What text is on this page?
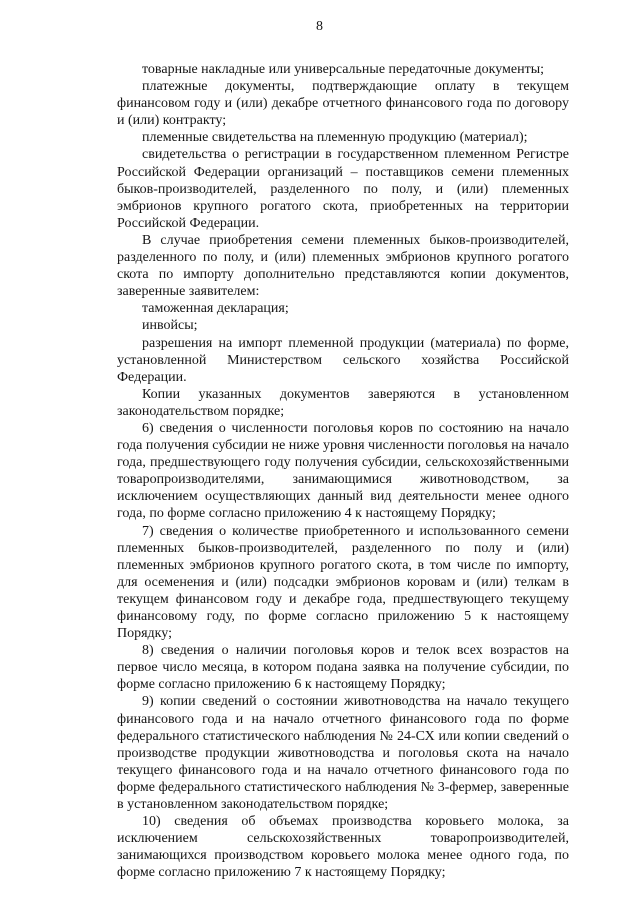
8

товарные накладные или универсальные передаточные документы;

платежные документы, подтверждающие оплату в текущем финансовом году и (или) декабре отчетного финансового года по договору и (или) контракту;

племенные свидетельства на племенную продукцию (материал);

свидетельства о регистрации в государственном племенном Регистре Российской Федерации организаций – поставщиков семени племенных быков-производителей, разделенного по полу, и (или) племенных эмбрионов крупного рогатого скота, приобретенных на территории Российской Федерации.

В случае приобретения семени племенных быков-производителей, разделенного по полу, и (или) племенных эмбрионов крупного рогатого скота по импорту дополнительно представляются копии документов, заверенные заявителем:

таможенная декларация;

инвойсы;

разрешения на импорт племенной продукции (материала) по форме, установленной Министерством сельского хозяйства Российской Федерации.

Копии указанных документов заверяются в установленном законодательством порядке;

6) сведения о численности поголовья коров по состоянию на начало года получения субсидии не ниже уровня численности поголовья на начало года, предшествующего году получения субсидии, сельскохозяйственными товаропроизводителями, занимающимися животноводством, за исключением осуществляющих данный вид деятельности менее одного года, по форме согласно приложению 4 к настоящему Порядку;

7) сведения о количестве приобретенного и использованного семени племенных быков-производителей, разделенного по полу и (или) племенных эмбрионов крупного рогатого скота, в том числе по импорту, для осеменения и (или) подсадки эмбрионов коровам и (или) телкам в текущем финансовом году и декабре года, предшествующего текущему финансовому году, по форме согласно приложению 5 к настоящему Порядку;

8) сведения о наличии поголовья коров и телок всех возрастов на первое число месяца, в котором подана заявка на получение субсидии, по форме согласно приложению 6 к настоящему Порядку;

9) копии сведений о состоянии животноводства на начало текущего финансового года и на начало отчетного финансового года по форме федерального статистического наблюдения № 24-СХ или копии сведений о производстве продукции животноводства и поголовья скота на начало текущего финансового года и на начало отчетного финансового года по форме федерального статистического наблюдения № 3-фермер, заверенные в установленном законодательством порядке;

10) сведения об объемах производства коровьего молока, за исключением сельскохозяйственных товаропроизводителей, занимающихся производством коровьего молока менее одного года, по форме согласно приложению 7 к настоящему Порядку;
